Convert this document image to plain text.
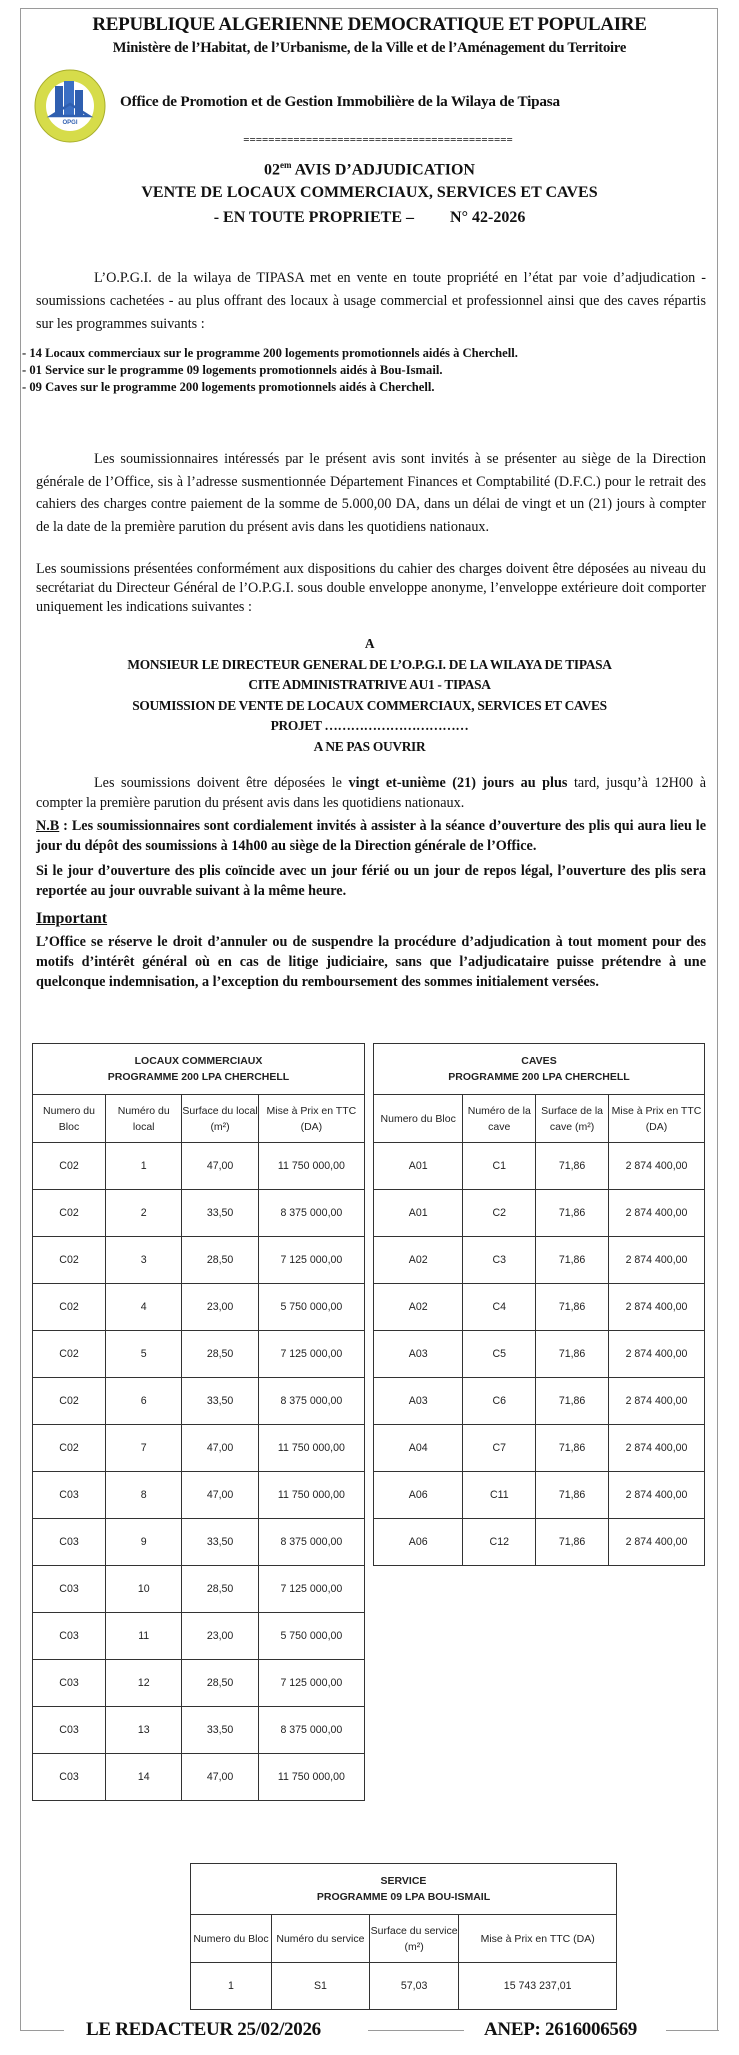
REPUBLIQUE ALGERIENNE DEMOCRATIQUE ET POPULAIRE
Ministère de l’Habitat, de l’Urbanisme, de la Ville et de l’Aménagement du Territoire
OPGI
Office de Promotion et de Gestion Immobilière de la Wilaya de Tipasa
===========================================
$02^{em}$ AVIS D’ADJUDICATION
VENTE DE LOCAUX COMMERCIAUX, SERVICES ET CAVES
- EN TOUTE PROPRIETE – N° 42-2026
L’O.P.G.I. de la wilaya de TIPASA met en vente en toute propriété en l’état par voie d’adjudication -soumissions cachetées - au plus offrant des locaux à usage commercial et professionnel ainsi que des caves répartis sur les programmes suivants :
- 14 Locaux commerciaux sur le programme 200 logements promotionnels aidés à Cherchell.
- 01 Service sur le programme 09 logements promotionnels aidés à Bou-Ismail.
- 09 Caves sur le programme 200 logements promotionnels aidés à Cherchell.
Les soumissionnaires intéressés par le présent avis sont invités à se présenter au siège de la Direction générale de l’Office, sis à l’adresse susmentionnée Département Finances et Comptabilité (D.F.C.) pour le retrait des cahiers des charges contre paiement de la somme de 5.000,00 DA, dans un délai de vingt et un (21) jours à compter de la date de la première parution du présent avis dans les quotidiens nationaux.
Les soumissions présentées conformément aux dispositions du cahier des charges doivent être déposées au niveau du secrétariat du Directeur Général de l’O.P.G.I. sous double enveloppe anonyme, l’enveloppe extérieure doit comporter uniquement les indications suivantes :
A
MONSIEUR LE DIRECTEUR GENERAL DE L’O.P.G.I. DE LA WILAYA DE TIPASA
CITE ADMINISTRATRIVE AU1 - TIPASA
SOUMISSION DE VENTE DE LOCAUX COMMERCIAUX, SERVICES ET CAVES
PROJET ……………………………
A NE PAS OUVRIR
Les soumissions doivent être déposées le vingt et-unième (21) jours au plus tard, jusqu’à 12H00 à compter la première parution du présent avis dans les quotidiens nationaux.
N.B : Les soumissionnaires sont cordialement invités à assister à la séance d’ouverture des plis qui aura lieu le jour du dépôt des soumissions à 14h00 au siège de la Direction générale de l’Office.
Si le jour d’ouverture des plis coïncide avec un jour férié ou un jour de repos légal, l’ouverture des plis sera reportée au jour ouvrable suivant à la même heure.
Important
L’Office se réserve le droit d’annuler ou de suspendre la procédure d’adjudication à tout moment pour des motifs d’intérêt général où en cas de litige judiciaire, sans que l’adjudicataire puisse prétendre à une quelconque indemnisation, a l’exception du remboursement des sommes initialement versées.
LOCAUX COMMERCIAUX
PROGRAMME 200 LPA CHERCHELL			
Numero du Bloc	Numéro du local	Surface du local (m²)	Mise à Prix en TTC (DA)
C02	1	47,00	11 750 000,00
C02	2	33,50	8 375 000,00
C02	3	28,50	7 125 000,00
C02	4	23,00	5 750 000,00
C02	5	28,50	7 125 000,00
C02	6	33,50	8 375 000,00
C02	7	47,00	11 750 000,00
C03	8	47,00	11 750 000,00
C03	9	33,50	8 375 000,00
C03	10	28,50	7 125 000,00
C03	11	23,00	5 750 000,00
C03	12	28,50	7 125 000,00
C03	13	33,50	8 375 000,00
C03	14	47,00	11 750 000,00
CAVES
PROGRAMME 200 LPA CHERCHELL			
Numero du Bloc	Numéro de la cave	Surface de la cave (m²)	Mise à Prix en TTC (DA)
A01	C1	71,86	2 874 400,00
A01	C2	71,86	2 874 400,00
A02	C3	71,86	2 874 400,00
A02	C4	71,86	2 874 400,00
A03	C5	71,86	2 874 400,00
A03	C6	71,86	2 874 400,00
A04	C7	71,86	2 874 400,00
A06	C11	71,86	2 874 400,00
A06	C12	71,86	2 874 400,00
SERVICE
PROGRAMME 09 LPA BOU-ISMAIL			
Numero du Bloc	Numéro du service	Surface du service (m²)	Mise à Prix en TTC (DA)
1	S1	57,03	15 743 237,01
LE REDACTEUR 25/02/2026	ANEP: 2616006569
